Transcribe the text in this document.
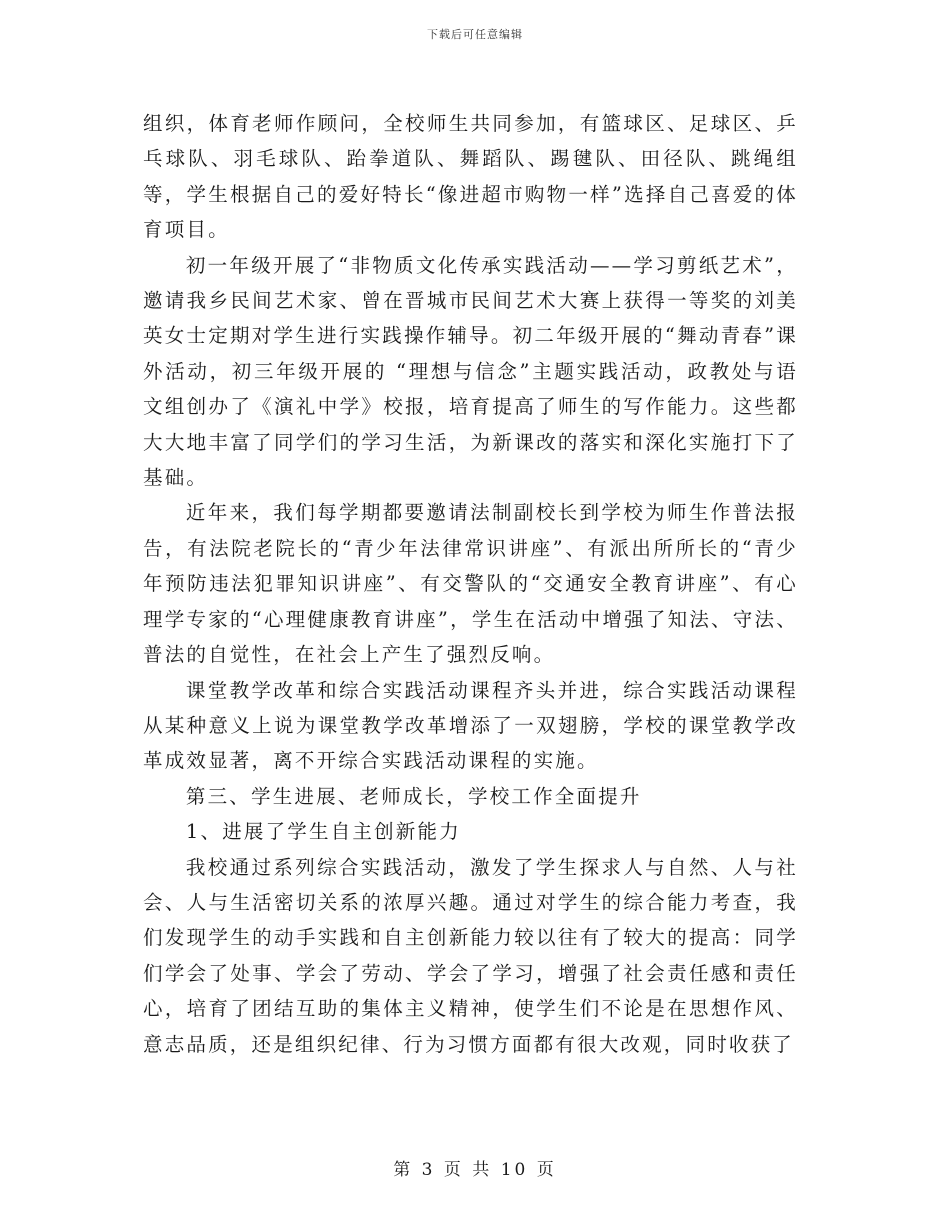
下载后可任意编辑

组织，体育老师作顾问，全校师生共同参加，有篮球区、足球区、乒乓球队、羽毛球队、跆拳道队、舞蹈队、踢毽队、田径队、跳绳组等，学生根据自己的爱好特长“像进超市购物一样”选择自己喜爱的体育项目。

初一年级开展了“非物质文化传承实践活动——学习剪纸艺术”，邀请我乡民间艺术家、曾在晋城市民间艺术大赛上获得一等奖的刘美英女士定期对学生进行实践操作辅导。初二年级开展的“舞动青春”课外活动，初三年级开展的 “理想与信念”主题实践活动，政教处与语文组创办了《演礼中学》校报，培育提高了师生的写作能力。这些都大大地丰富了同学们的学习生活，为新课改的落实和深化实施打下了基础。

近年来，我们每学期都要邀请法制副校长到学校为师生作普法报告，有法院老院长的“青少年法律常识讲座”、有派出所所长的“青少年预防违法犯罪知识讲座”、有交警队的“交通安全教育讲座”、有心理学专家的“心理健康教育讲座”，学生在活动中增强了知法、守法、普法的自觉性，在社会上产生了强烈反响。

课堂教学改革和综合实践活动课程齐头并进，综合实践活动课程从某种意义上说为课堂教学改革增添了一双翅膀，学校的课堂教学改革成效显著，离不开综合实践活动课程的实施。

第三、学生进展、老师成长，学校工作全面提升

1、进展了学生自主创新能力

我校通过系列综合实践活动，激发了学生探求人与自然、人与社会、人与生活密切关系的浓厚兴趣。通过对学生的综合能力考查，我们发现学生的动手实践和自主创新能力较以往有了较大的提高：同学们学会了处事、学会了劳动、学会了学习，增强了社会责任感和责任心，培育了团结互助的集体主义精神，使学生们不论是在思想作风、意志品质，还是组织纪律、行为习惯方面都有很大改观，同时收获了

第 3 页 共 10 页
